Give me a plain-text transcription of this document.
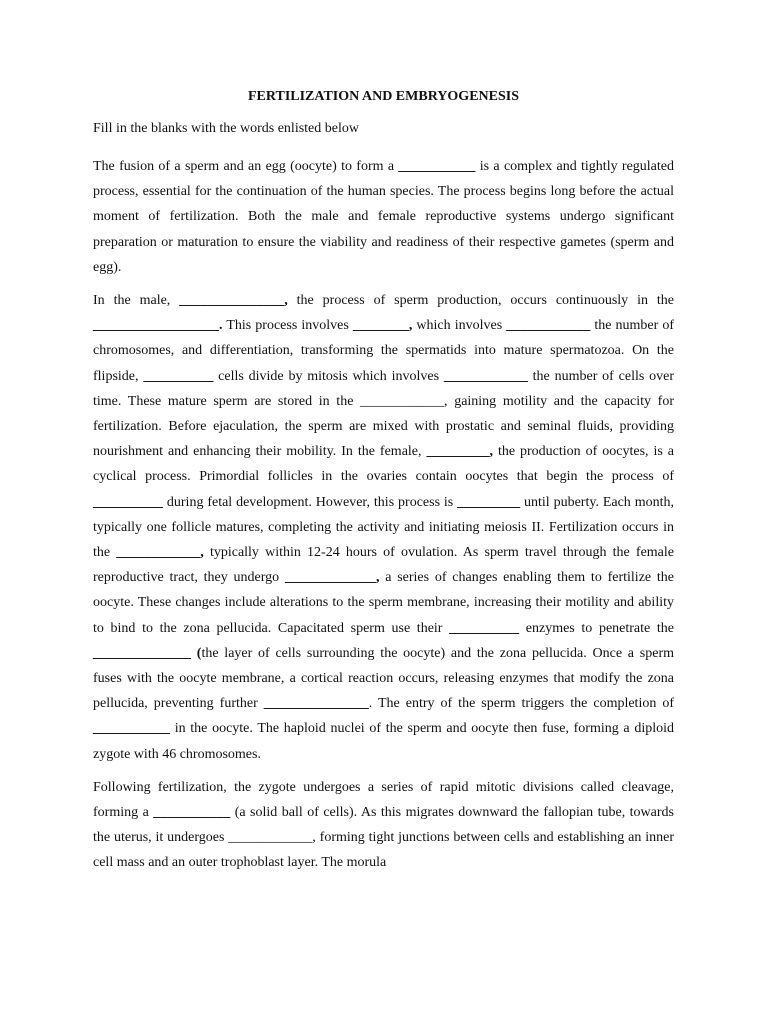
FERTILIZATION AND EMBRYOGENESIS
Fill in the blanks with the words enlisted below

The fusion of a sperm and an egg (oocyte) to form a ___________ is a complex and tightly regulated process, essential for the continuation of the human species. The process begins long before the actual moment of fertilization. Both the male and female reproductive systems undergo significant preparation or maturation to ensure the viability and readiness of their respective gametes (sperm and egg).

In the male, _______________, the process of sperm production, occurs continuously in the __________________. This process involves ________, which involves ____________ the number of chromosomes, and differentiation, transforming the spermatids into mature spermatozoa. On the flipside, __________ cells divide by mitosis which involves ____________ the number of cells over time. These mature sperm are stored in the ____________, gaining motility and the capacity for fertilization. Before ejaculation, the sperm are mixed with prostatic and seminal fluids, providing nourishment and enhancing their mobility. In the female, _________, the production of oocytes, is a cyclical process. Primordial follicles in the ovaries contain oocytes that begin the process of __________ during fetal development. However, this process is _________ until puberty. Each month, typically one follicle matures, completing the activity and initiating meiosis II. Fertilization occurs in the ____________, typically within 12-24 hours of ovulation. As sperm travel through the female reproductive tract, they undergo _____________, a series of changes enabling them to fertilize the oocyte. These changes include alterations to the sperm membrane, increasing their motility and ability to bind to the zona pellucida. Capacitated sperm use their __________ enzymes to penetrate the ______________ (the layer of cells surrounding the oocyte) and the zona pellucida. Once a sperm fuses with the oocyte membrane, a cortical reaction occurs, releasing enzymes that modify the zona pellucida, preventing further _______________. The entry of the sperm triggers the completion of ___________ in the oocyte. The haploid nuclei of the sperm and oocyte then fuse, forming a diploid zygote with 46 chromosomes.

Following fertilization, the zygote undergoes a series of rapid mitotic divisions called cleavage, forming a ___________ (a solid ball of cells). As this migrates downward the fallopian tube, towards the uterus, it undergoes ____________, forming tight junctions between cells and establishing an inner cell mass and an outer trophoblast layer. The morula
